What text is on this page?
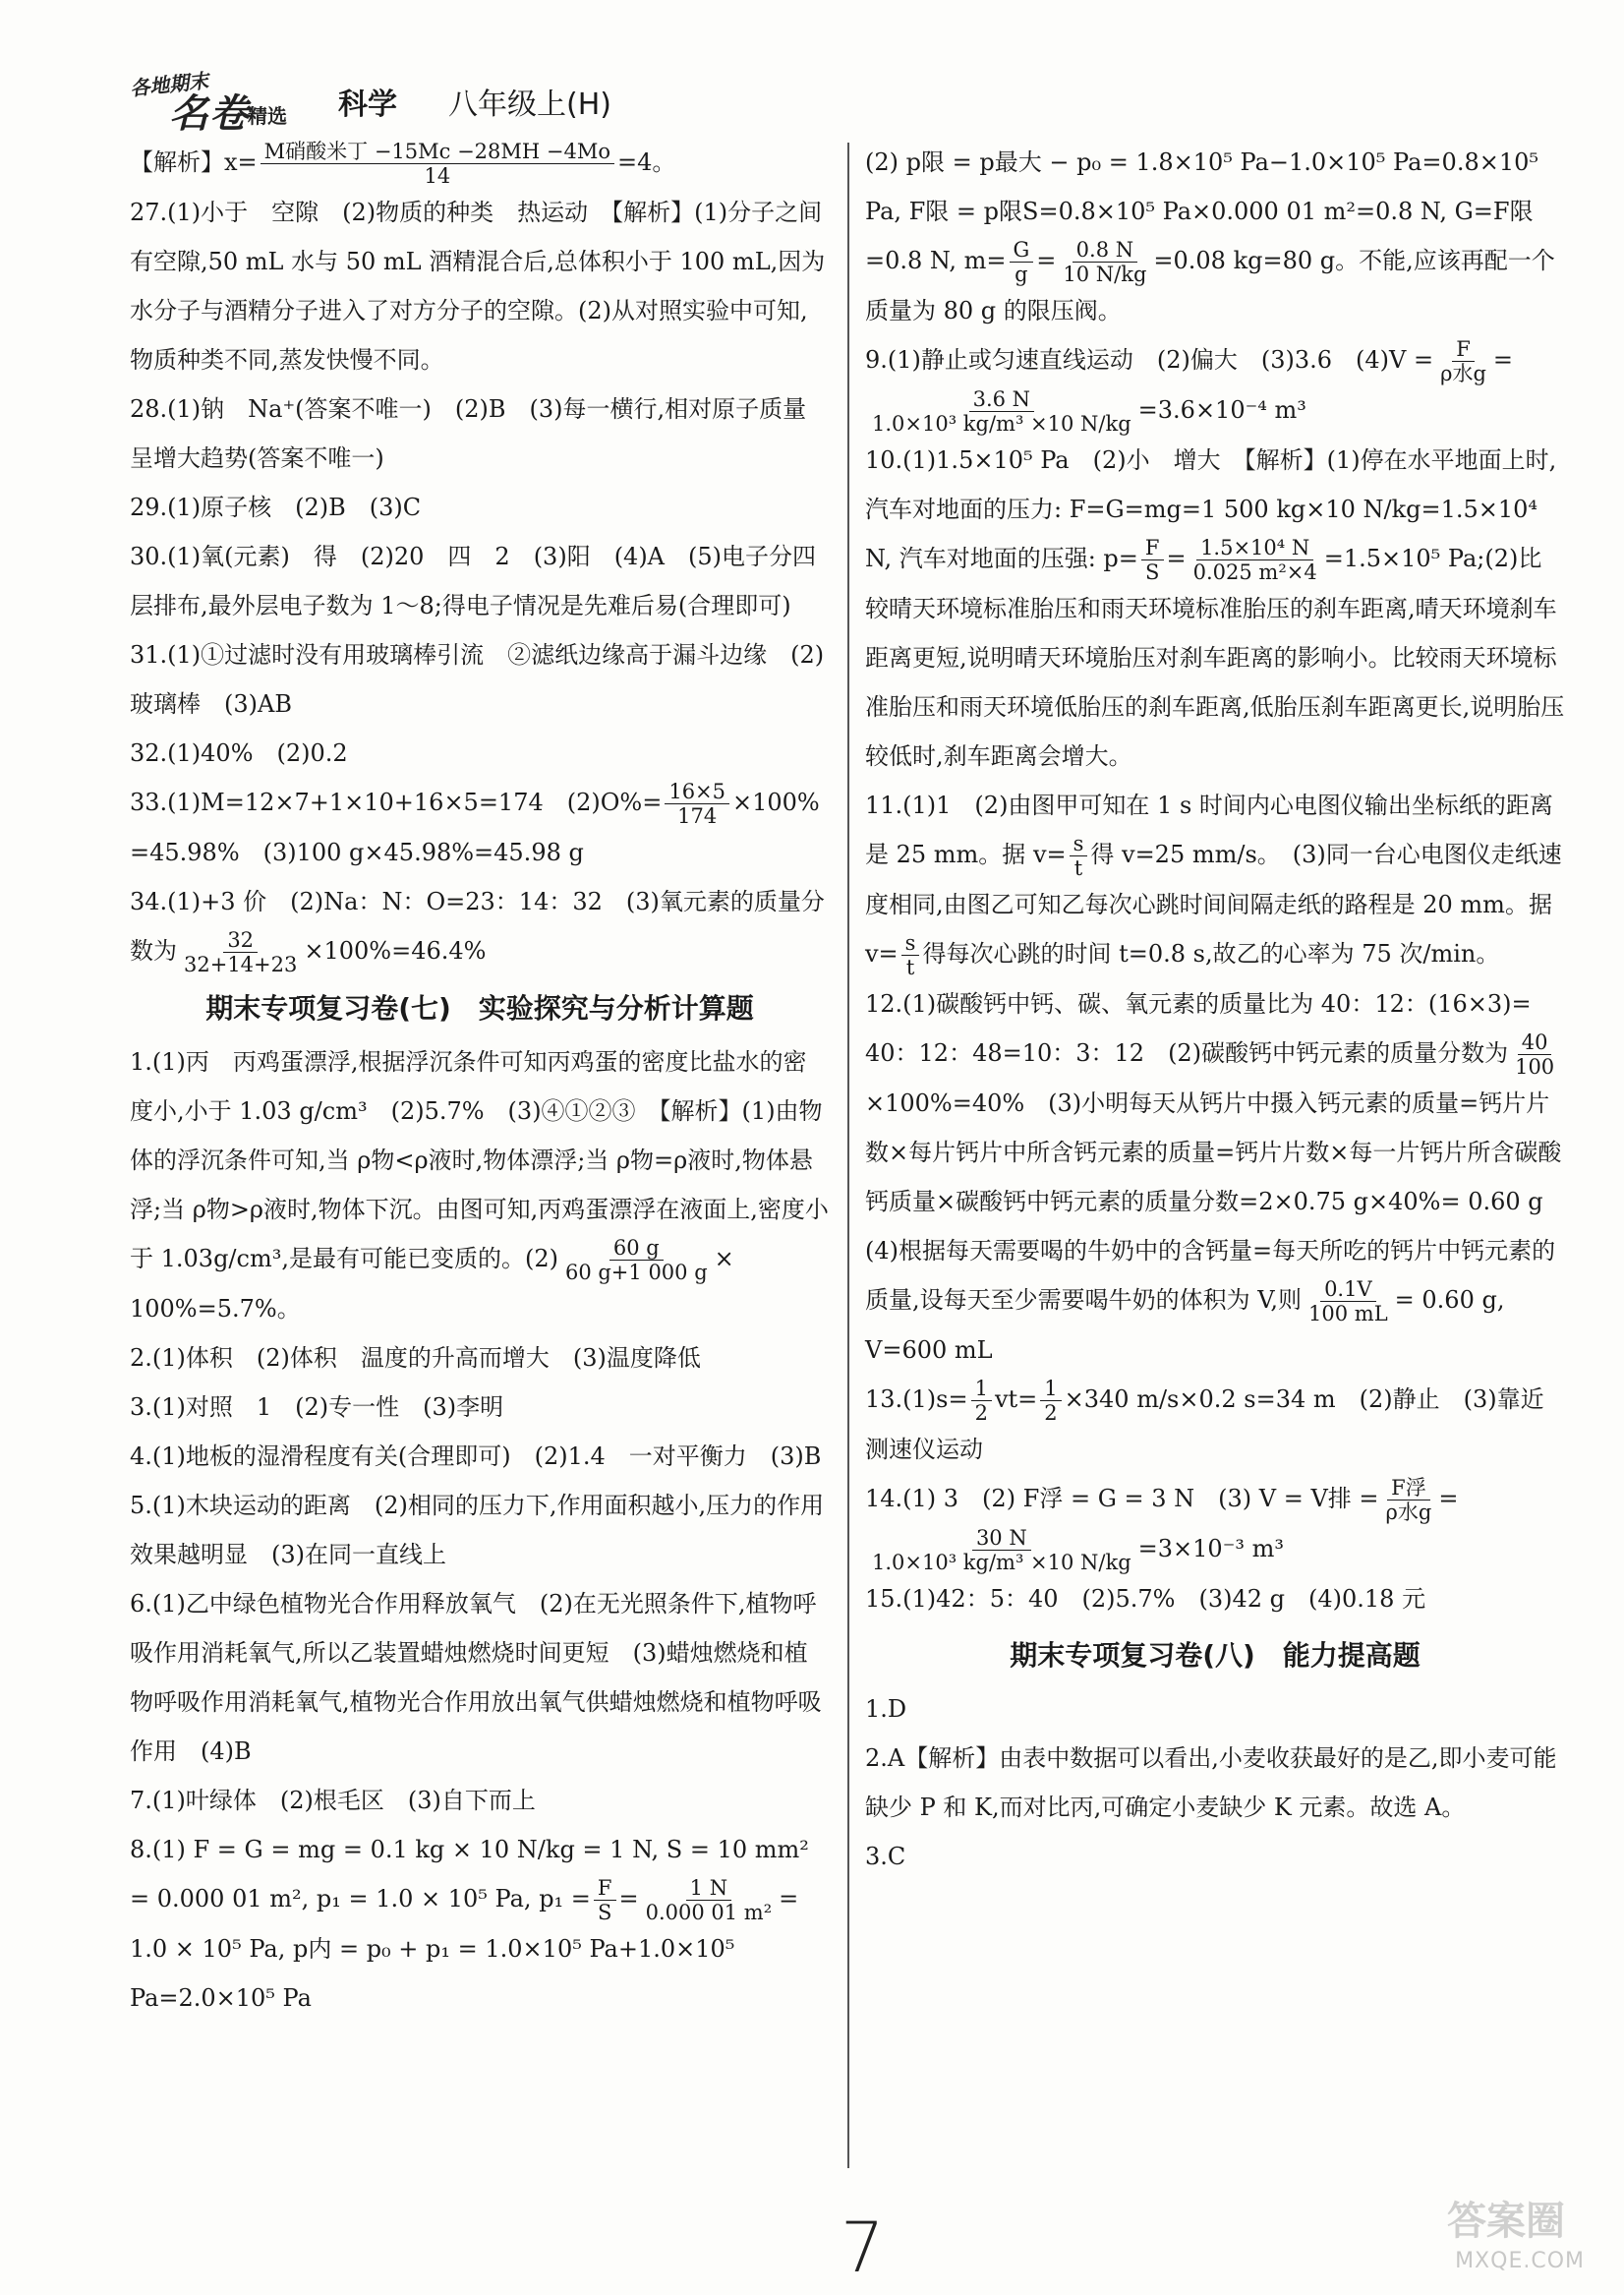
各地期末
名卷
精选 科学 八年级上(H)

【解析】$x= \frac{\text{M硝酸米丁 −15Mc −28MH −4Mo}}{14} =4$。

27.(1)小于　空隙　(2)物质的种类　热运动　【解析】(1)分子之间有空隙,50 mL 水与 50 mL 酒精混合后,总体积小于 100 mL,因为水分子与酒精分子进入了对方分子的空隙。(2)从对照实验中可知,物质种类不同,蒸发快慢不同。

28.(1)钠　Na⁺(答案不唯一)　(2)B　(3)每一横行,相对原子质量呈增大趋势(答案不唯一)

29.(1)原子核　(2)B　(3)C

30.(1)氧(元素)　得　(2)20　四　2　(3)阳　(4)A　(5)电子分四层排布,最外层电子数为 1～8;得电子情况是先难后易(合理即可)

31.(1)①过滤时没有用玻璃棒引流　②滤纸边缘高于漏斗边缘　(2)玻璃棒　(3)AB

32.(1)40%　(2)0.2

33.(1)M=12×7+1×10+16×5=174　$(2)O\%= \frac{16\times 5}{174} \times 100\% =45.98\%$　(3)100 g×45.98%=45.98 g

34.(1)+3 价　(2)Na：N：O=23：14：32　(3)氧元素的质量分数为 $\frac{32}{32+14+23} \times 100\%=46.4\%$

期末专项复习卷(七)　实验探究与分析计算题

1.(1)丙　丙鸡蛋漂浮,根据浮沉条件可知丙鸡蛋的密度比盐水的密度小,小于 1.03 g/cm³　(2)5.7%　(3)④①②③　【解析】(1)由物体的浮沉条件可知,当 ρ物<ρ液时,物体漂浮;当 ρ物=ρ液时,物体悬浮;当 ρ物>ρ液时,物体下沉。由图可知,丙鸡蛋漂浮在液面上,密度小于 1.03g/cm³,是最有可能已变质的。$(2) \frac{60 g}{60 g+1 000 g} \times 100\%=5.7\%$。

2.(1)体积　(2)体积　温度的升高而增大　(3)温度降低

3.(1)对照　1　(2)专一性　(3)李明

4.(1)地板的湿滑程度有关(合理即可)　(2)1.4　一对平衡力　(3)B

5.(1)木块运动的距离　(2)相同的压力下,作用面积越小,压力的作用效果越明显　(3)在同一直线上

6.(1)乙中绿色植物光合作用释放氧气　(2)在无光照条件下,植物呼吸作用消耗氧气,所以乙装置蜡烛燃烧时间更短　(3)蜡烛燃烧和植物呼吸作用消耗氧气,植物光合作用放出氧气供蜡烛燃烧和植物呼吸作用　(4)B

7.(1)叶绿体　(2)根毛区　(3)自下而上

8.(1) F = G = mg = 0.1 kg × 10 N/kg = 1 N, S = 10 mm² = 0.000 01 m², p₁ = 1.0 × 10⁵ Pa, $p_1 = \frac{F}{S} = \frac{1 N}{\text{0.000 01 m²}} = 1.0 \times 10^5$ Pa, p内 = p₀ + p₁ = 1.0×10⁵ Pa+1.0×10⁵ Pa=2.0×10⁵ Pa

(2) p限 = p最大 − p₀ = 1.8×10⁵ Pa−1.0×10⁵ Pa=0.8×10⁵ Pa, F限 = p限S=0.8×10⁵ Pa×0.000 01 m²=0.8 N, G=F限=0.8 N, $m= \frac{G}{g} = \frac{0.8 N}{10 N/kg} =0.08$ kg=80 g。不能,应该再配一个质量为 80 g 的限压阀。

9.(1)静止或匀速直线运动　(2)偏大　(3)3.6　$(4)V = \frac{F}{\text{ρ水g}}$ =
$\frac{3.6 N}{\text{1.0×10³ kg/m³ ×10 N/kg}} =3.6\times 10^{-4}$ m³

10.(1)1.5×10⁵ Pa　(2)小　增大　【解析】(1)停在水平地面上时,汽车对地面的压力: F=G=mg=1 500 kg×10 N/kg=1.5×10⁴ N, 汽车对地面的压强: $p= \frac{F}{S} = \frac{\text{1.5×10⁴ N}}{\text{0.025 m²×4}} =1.5\times 10^5$ Pa;(2)比较晴天环境标准胎压和雨天环境标准胎压的刹车距离,晴天环境刹车距离更短,说明晴天环境胎压对刹车距离的影响小。比较雨天环境标准胎压和雨天环境低胎压的刹车距离,低胎压刹车距离更长,说明胎压较低时,刹车距离会增大。

11.(1)1　(2)由图甲可知在 1 s 时间内心电图仪输出坐标纸的距离是 25 mm。据 $v= \frac{s}{t}$ 得 v=25 mm/s。　(3)同一台心电图仪走纸速度相同,由图乙可知乙每次心跳时间间隔走纸的路程是 20 mm。据 $v= \frac{s}{t}$ 得每次心跳的时间 t=0.8 s,故乙的心率为 75 次/min。

12.(1)碳酸钙中钙、碳、氧元素的质量比为 40：12：(16×3)= 40：12：48=10：3：12　(2)碳酸钙中钙元素的质量分数为 $\frac{40}{100}$
×100%=40%　(3)小明每天从钙片中摄入钙元素的质量=钙片片数×每片钙片中所含钙元素的质量=钙片片数×每一片钙片所含碳酸钙质量×碳酸钙中钙元素的质量分数=2×0.75 g×40%= 0.60 g　(4)根据每天需要喝的牛奶中的含钙量=每天所吃的钙片中钙元素的质量,设每天至少需要喝牛奶的体积为 V,则 $\frac{0.1V}{100 mL} = 0.60$ g, V=600 mL

$13.(1)s= \frac{1}{2} vt= \frac{1}{2} \times 340$ m/s×0.2 s=34 m　(2)静止　(3)靠近测速仪运动

14.(1) 3　(2) F浮 = G = 3 N　(3) V = V排 = $\frac{\text{F浮}}{\text{ρ水g}}$ =
$\frac{30 N}{\text{1.0×10³ kg/m³ ×10 N/kg}} =3\times 10^{-3}$ m³

15.(1)42：5：40　(2)5.7%　(3)42 g　(4)0.18 元

期末专项复习卷(八)　能力提高题

1.D

2.A【解析】由表中数据可以看出,小麦收获最好的是乙,即小麦可能缺少 P 和 K,而对比丙,可确定小麦缺少 K 元素。故选 A。

3.C

7	答案圈
MXQE.COM
